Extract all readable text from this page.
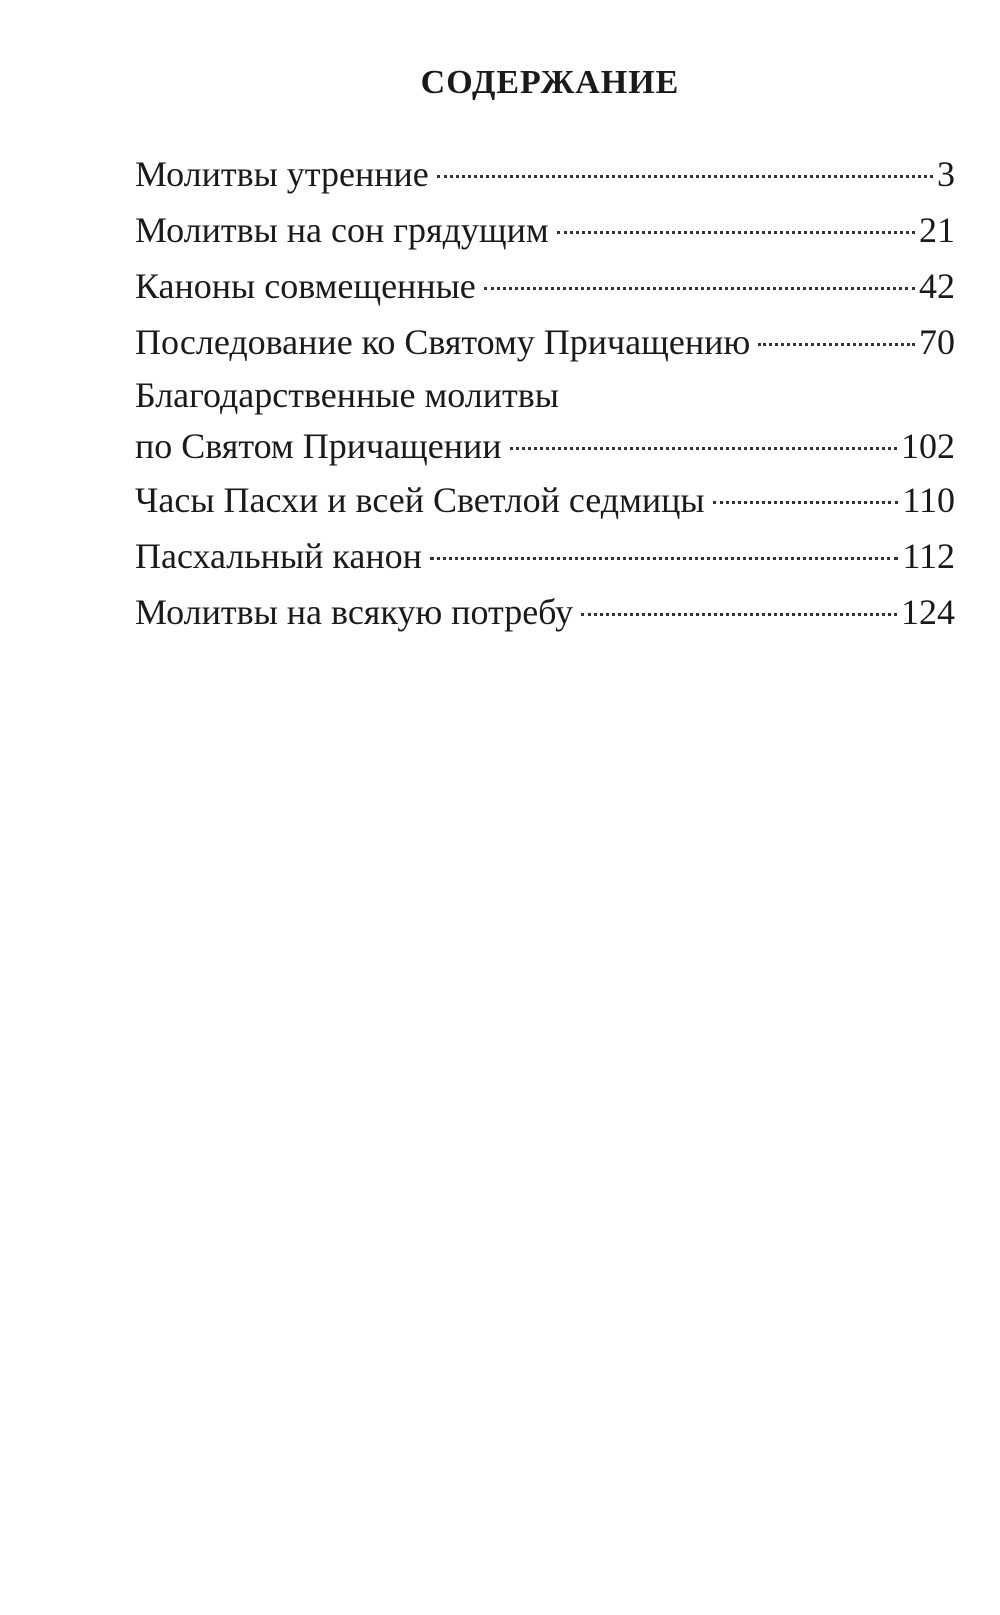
СОДЕРЖАНИЕ
Молитвы утренние	3
Молитвы на сон грядущим	21
Каноны совмещенные	42
Последование ко Святому Причащению	70
Благодарственные молитвы
по Святом Причащении	102
Часы Пасхи и всей Светлой седмицы	110
Пасхальный канон	112
Молитвы на всякую потребу	124
